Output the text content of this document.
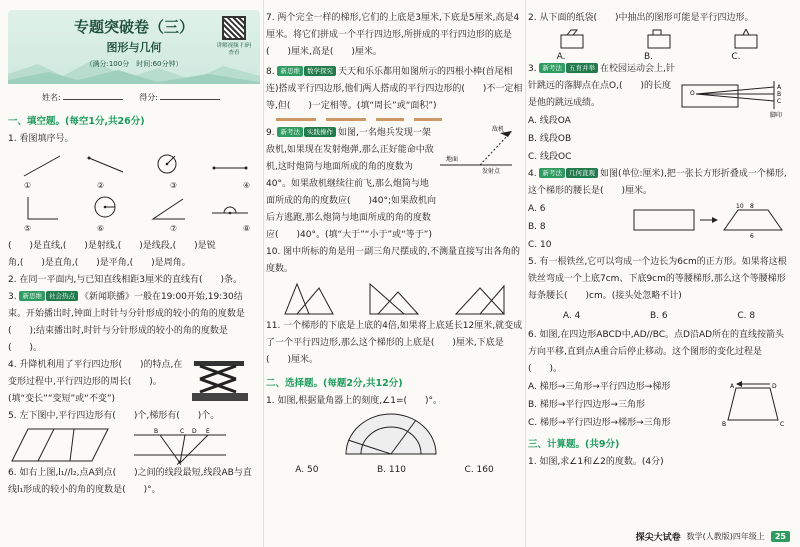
专题突破卷（三）
图形与几何
（满分:100分　时间:60分钟）
讲解视频 扫码查看
姓名:	得分:
一、填空题。(每空1分,共26分)
1. 看图填序号。
①	②	③	④
⑤	⑥	⑦	⑧
(　　)是直线,(　　)是射线,(　　)是线段,(　　)是锐
角,(　　)是直角,(　　)是平角,(　　)是周角。
2. 在同一平面内,与已知直线相距3厘米的直线有(　　)条。
3. 新思维 社会热点 《新闻联播》一般在19:00开始,19:30结束。开始播出时,钟面上时针与分针形成的较小的角的度数是(　　);结束播出时,时针与分针形成的较小的角的度数是(　　)。
4. 升降机利用了平行四边形(　　)的特点,在变形过程中,平行四边形的周长(　　)。(填“变长”“变短”或“不变”)
5. 左下图中,平行四边形有(　　)个,梯形有(　　)个。
B	C D E
A
6. 如右上图,l₁//l₂,点A到点(　　)之间的线段最短,线段AB与直线l₁形成的较小的角的度数是(　　)°。
7. 两个完全一样的梯形,它们的上底是3厘米,下底是5厘米,高是4厘米。将它们拼成一个平行四边形,所拼成的平行四边形的底是(　　)厘米,高是(　　)厘米。
8. 新思维 数学探究 天天和乐乐都用如图所示的四根小棒(首尾相连)搭成平行四边形,他们两人搭成的平行四边形的(　　)不一定相等,但(　　)一定相等。(填“周长”或“面积”)
9. 新考法 实践操作 如图,一名炮兵发现一架敌机,如果现在发射炮弹,那么正好能命中敌机,这时炮筒与地面所成的角的度数为40°。如果敌机继续往前飞,那么炮筒与地面所成的角的度数应(　　)40°;如果敌机向后方逃跑,那么炮筒与地面所成的角的度数应(　　)40°。(填“大于”“小于”或“等于”)
敌机
地面
发射点
10. 图中所标的角是用一副三角尺摆成的,不测量直接写出各角的度数。
11. 一个梯形的下底是上底的4倍,如果将上底延长12厘米,就变成了一个平行四边形,那么这个梯形的上底是(　　)厘米,下底是(　　)厘米。
二、选择题。(每题2分,共12分)
1. 如图,根据量角器上的刻度,∠1=(　　)°。
A. 50	B. 110	C. 160
2. 从下面的纸袋(　　)中抽出的图形可能是平行四边形。
A.	B.	C.
3. 新考法 五育并举 在校园运动会上,针针跳远的落脚点在点O,(　　)的长度是他的跳远成绩。
A. 线段OA
B. 线段OB
C. 线段OC
O
A
B
C
脚印
4. 新考法 几何直观 如图(单位:厘米),把一张长方形折叠成一个梯形,这个梯形的腰长是(　　)厘米。
A. 6
B. 8
C. 10
10 8
6
5. 有一根铁丝,它可以弯成一个边长为6cm的正方形。如果将这根铁丝弯成一个上底7cm、下底9cm的等腰梯形,那么这个等腰梯形每条腰长(　　)cm。(接头处忽略不计)
A. 4	B. 6	C. 8
6. 如图,在四边形ABCD中,AD//BC。点D沿AD所在的直线按箭头方向平移,直到点A重合后停止移动。这个图形的变化过程是(　　)。
A. 梯形→三角形→平行四边形→梯形
B. 梯形→平行四边形→三角形
C. 梯形→平行四边形→梯形→三角形
A	D
B	C
三、计算题。(共9分)
1. 如图,求∠1和∠2的度数。(4分)
探尖大试卷 数学(人教版)四年级上	25
